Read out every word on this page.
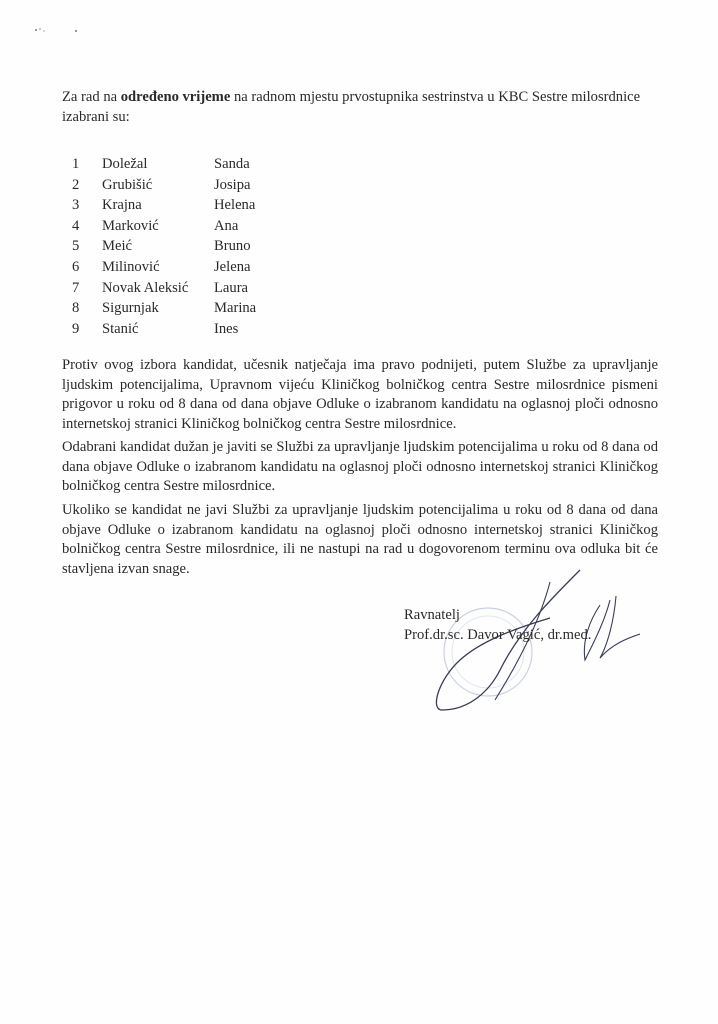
Za rad na određeno vrijeme na radnom mjestu prvostupnika sestrinstva u KBC Sestre milosrdnice izabrani su:

1	Doležal	Sanda
2	Grubišić	Josipa
3	Krajna	Helena
4	Marković	Ana
5	Meić	Bruno
6	Milinović	Jelena
7	Novak Aleksić	Laura
8	Sigurnjak	Marina
9	Stanić	Ines

Protiv ovog izbora kandidat, učesnik natječaja ima pravo podnijeti, putem Službe za upravljanje ljudskim potencijalima, Upravnom vijeću Kliničkog bolničkog centra Sestre milosrdnice pismeni prigovor u roku od 8 dana od dana objave Odluke o izabranom kandidatu na oglasnoj ploči odnosno internetskoj stranici Kliničkog bolničkog centra Sestre milosrdnice.

Odabrani kandidat dužan je javiti se Službi za upravljanje ljudskim potencijalima u roku od 8 dana od dana objave Odluke o izabranom kandidatu na oglasnoj ploči odnosno internetskoj stranici Kliničkog bolničkog centra Sestre milosrdnice.

Ukoliko se kandidat ne javi Službi za upravljanje ljudskim potencijalima u roku od 8 dana od dana objave Odluke o izabranom kandidatu na oglasnoj ploči odnosno internetskoj stranici Kliničkog bolničkog centra Sestre milosrdnice, ili ne nastupi na rad u dogovorenom terminu ova odluka bit će stavljena izvan snage.

Ravnatelj
Prof.dr.sc. Davor Vagić, dr.med.
